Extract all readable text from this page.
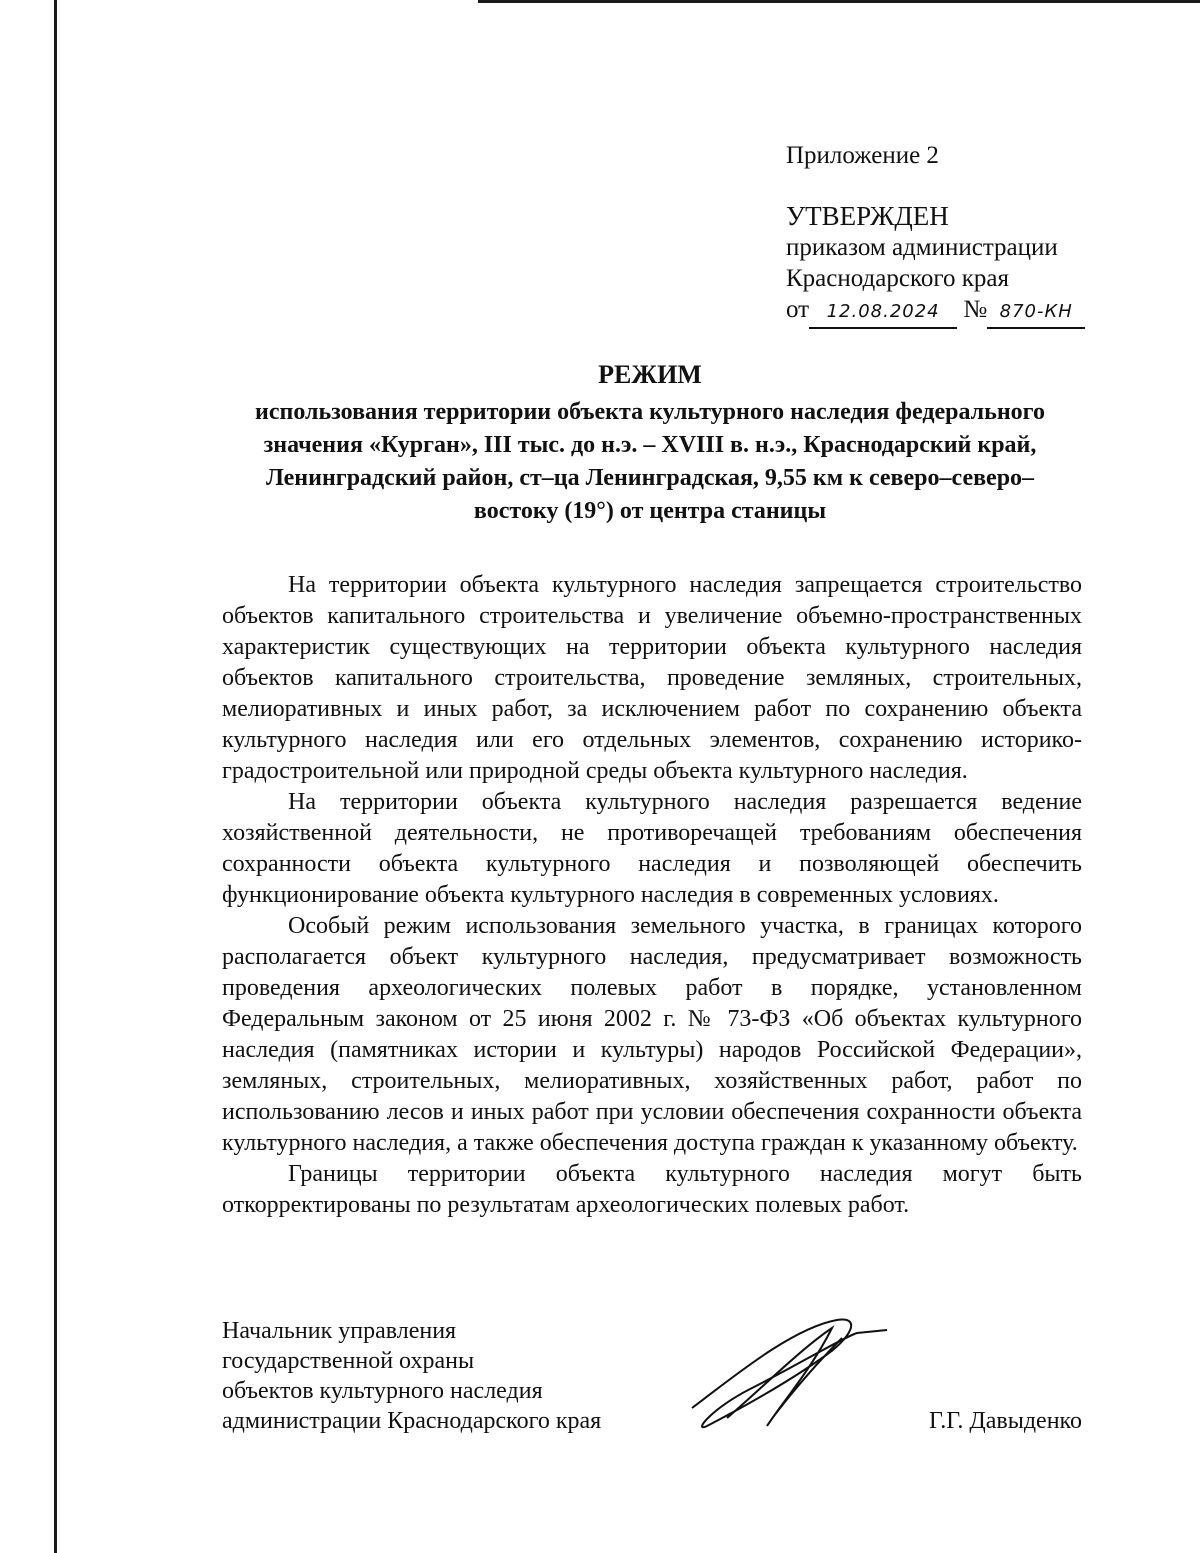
Приложение 2
УТВЕРЖДЕН
приказом администрации
Краснодарского края
от 12.08.2024 № 870-КН
РЕЖИМ
использования территории объекта культурного наследия федерального
значения «Курган», III тыс. до н.э. – XVIII в. н.э., Краснодарский край,
Ленинградский район, ст–ца Ленинградская, 9,55 км к северо–северо–
востоку (19°) от центра станицы

На территории объекта культурного наследия запрещается строительство объектов капитального строительства и увеличение объемно-пространственных характеристик существующих на территории объекта культурного наследия объектов капитального строительства, проведение земляных, строительных, мелиоративных и иных работ, за исключением работ по сохранению объекта культурного наследия или его отдельных элементов, сохранению историко-градостроительной или природной среды объекта культурного наследия.

На территории объекта культурного наследия разрешается ведение хозяйственной деятельности, не противоречащей требованиям обеспечения сохранности объекта культурного наследия и позволяющей обеспечить функционирование объекта культурного наследия в современных условиях.

Особый режим использования земельного участка, в границах которого располагается объект культурного наследия, предусматривает возможность проведения археологических полевых работ в порядке, установленном Федеральным законом от 25 июня 2002 г. № 73-ФЗ «Об объектах культурного наследия (памятниках истории и культуры) народов Российской Федерации», земляных, строительных, мелиоративных, хозяйственных работ, работ по использованию лесов и иных работ при условии обеспечения сохранности объекта культурного наследия, а также обеспечения доступа граждан к указанному объекту.

Границы территории объекта культурного наследия могут быть откорректированы по результатам археологических полевых работ.

Начальник управления
государственной охраны
объектов культурного наследия
администрации Краснодарского края	Г.Г. Давыденко
